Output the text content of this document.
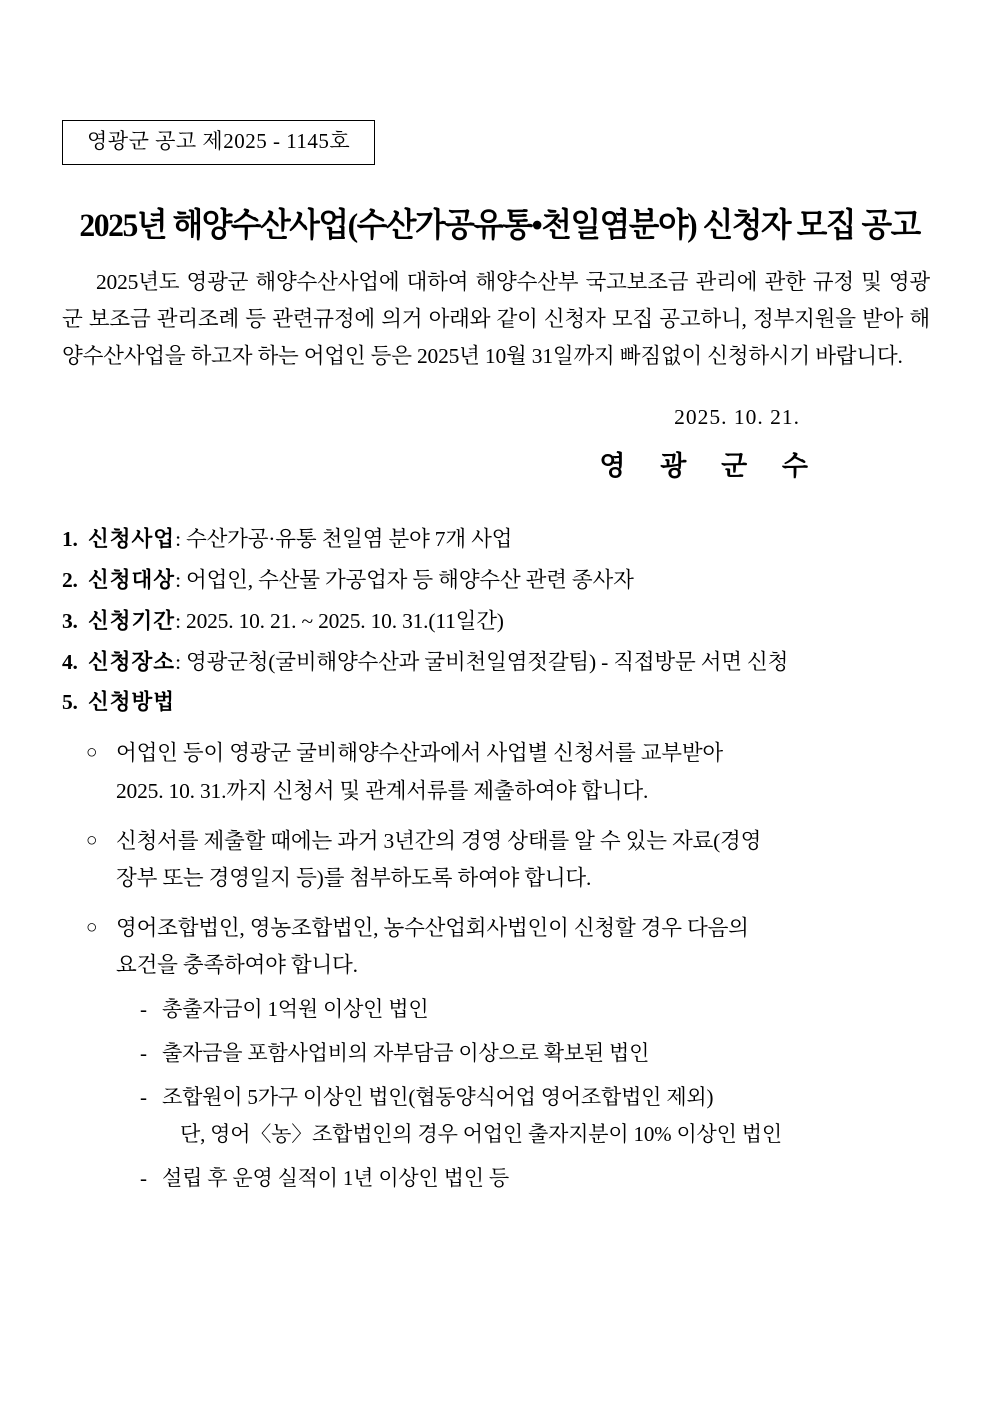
영광군 공고 제2025 - 1145호
2025년 해양수산사업(수산가공유통•천일염분야) 신청자 모집 공고

2025년도 영광군 해양수산사업에 대하여 해양수산부 국고보조금 관리에 관한 규정 및 영광군 보조금 관리조례 등 관련규정에 의거 아래와 같이 신청자 모집 공고하니, 정부지원을 받아 해양수산사업을 하고자 하는 어업인 등은 2025년 10월 31일까지 빠짐없이 신청하시기 바랍니다.

2025. 10. 21.
영 광 군 수
1. 신청사업: 수산가공·유통 천일염 분야 7개 사업
2. 신청대상: 어업인, 수산물 가공업자 등 해양수산 관련 종사자
3. 신청기간: 2025. 10. 21. ~ 2025. 10. 31.(11일간)
4. 신청장소: 영광군청(굴비해양수산과 굴비천일염젓갈팀) - 직접방문 서면 신청
5. 신청방법
○ 어업인 등이 영광군 굴비해양수산과에서 사업별 신청서를 교부받아
2025. 10. 31.까지 신청서 및 관계서류를 제출하여야 합니다.
○ 신청서를 제출할 때에는 과거 3년간의 경영 상태를 알 수 있는 자료(경영
장부 또는 경영일지 등)를 첨부하도록 하여야 합니다.
○ 영어조합법인, 영농조합법인, 농수산업회사법인이 신청할 경우 다음의
요건을 충족하여야 합니다.
- 총출자금이 1억원 이상인 법인
- 출자금을 포함사업비의 자부담금 이상으로 확보된 법인
- 조합원이 5가구 이상인 법인(협동양식어업 영어조합법인 제외)
단, 영어〈농〉조합법인의 경우 어업인 출자지분이 10% 이상인 법인
- 설립 후 운영 실적이 1년 이상인 법인 등
